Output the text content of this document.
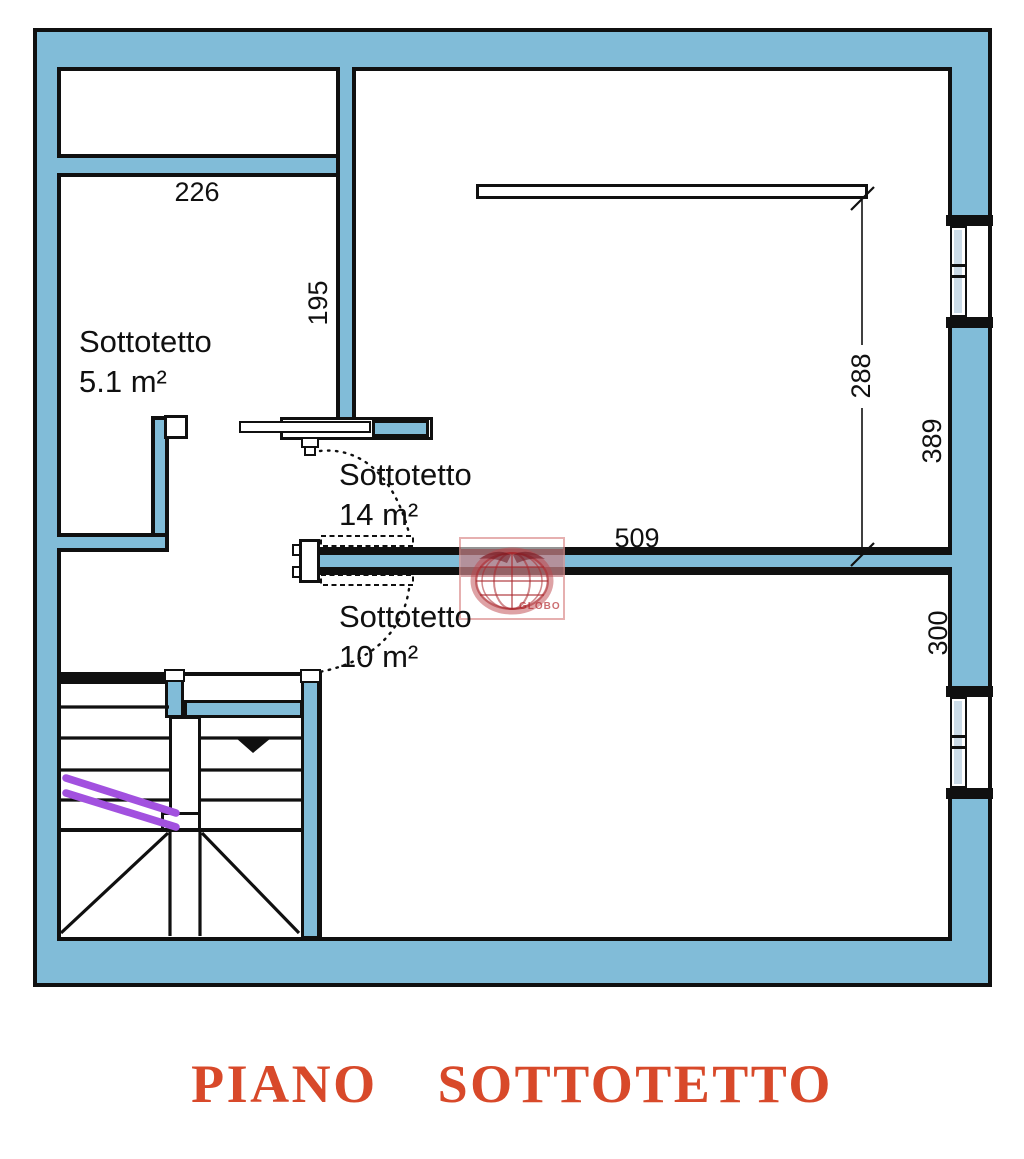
GLOBO
Sottotetto
5.1 m²
Sottotetto
14 m²
Sottotetto
10 m²
226
195
288
389
509
300
PIANO  SOTTOTETTO
